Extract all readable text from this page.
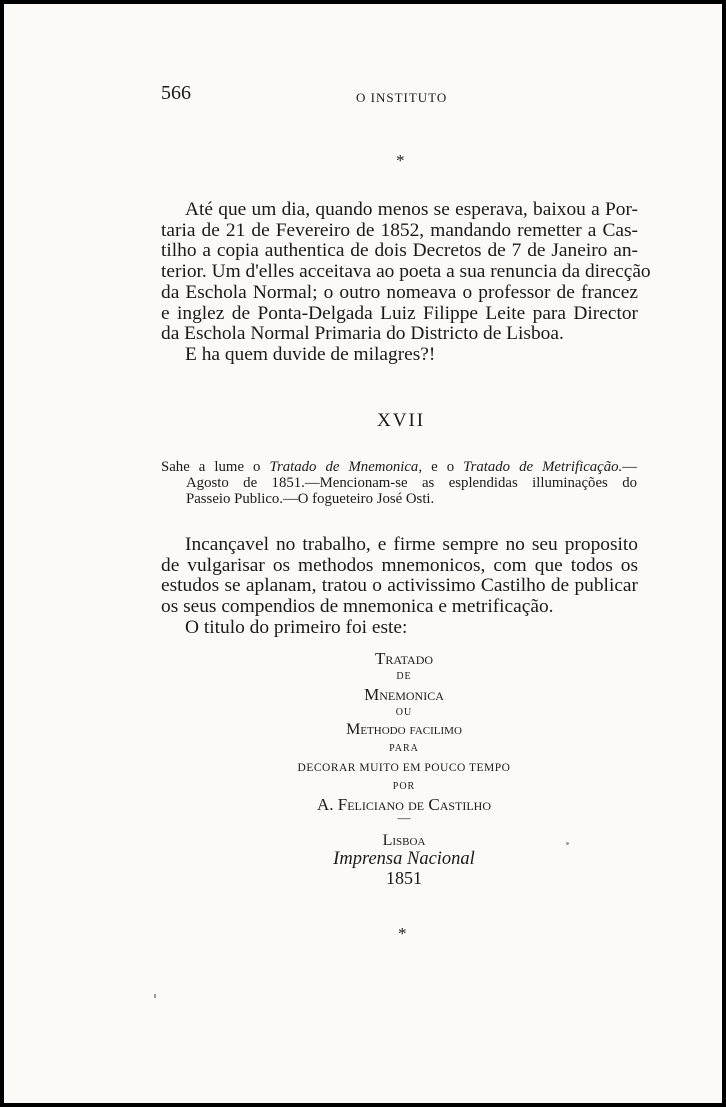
566	O INSTITUTO
*
Até que um dia, quando menos se esperava, baixou a Por-
taria de 21 de Fevereiro de 1852, mandando remetter a Cas-
tilho a copia authentica de dois Decretos de 7 de Janeiro an-
terior. Um d'elles acceitava ao poeta a sua renuncia da direcção
da Eschola Normal; o outro nomeava o professor de francez
e inglez de Ponta-Delgada Luiz Filippe Leite para Director
da Eschola Normal Primaria do Districto de Lisboa.
E ha quem duvide de milagres?!
XVII
Sahe a lume o Tratado de Mnemonica, e o Tratado de Metrificação.—
Agosto de 1851.—Mencionam-se as esplendidas illuminações do
Passeio Publico.—O fogueteiro José Osti.
Incançavel no trabalho, e firme sempre no seu proposito
de vulgarisar os methodos mnemonicos, com que todos os
estudos se aplanam, tratou o activissimo Castilho de publicar
os seus compendios de mnemonica e metrificação.
O titulo do primeiro foi este:
Tratado
DE
Mnemonica
OU
Methodo facilimo
PARA
DECORAR MUITO EM POUCO TEMPO
POR
A. Feliciano de Castilho
—
Lisboa
Imprensa Nacional
1851
*
